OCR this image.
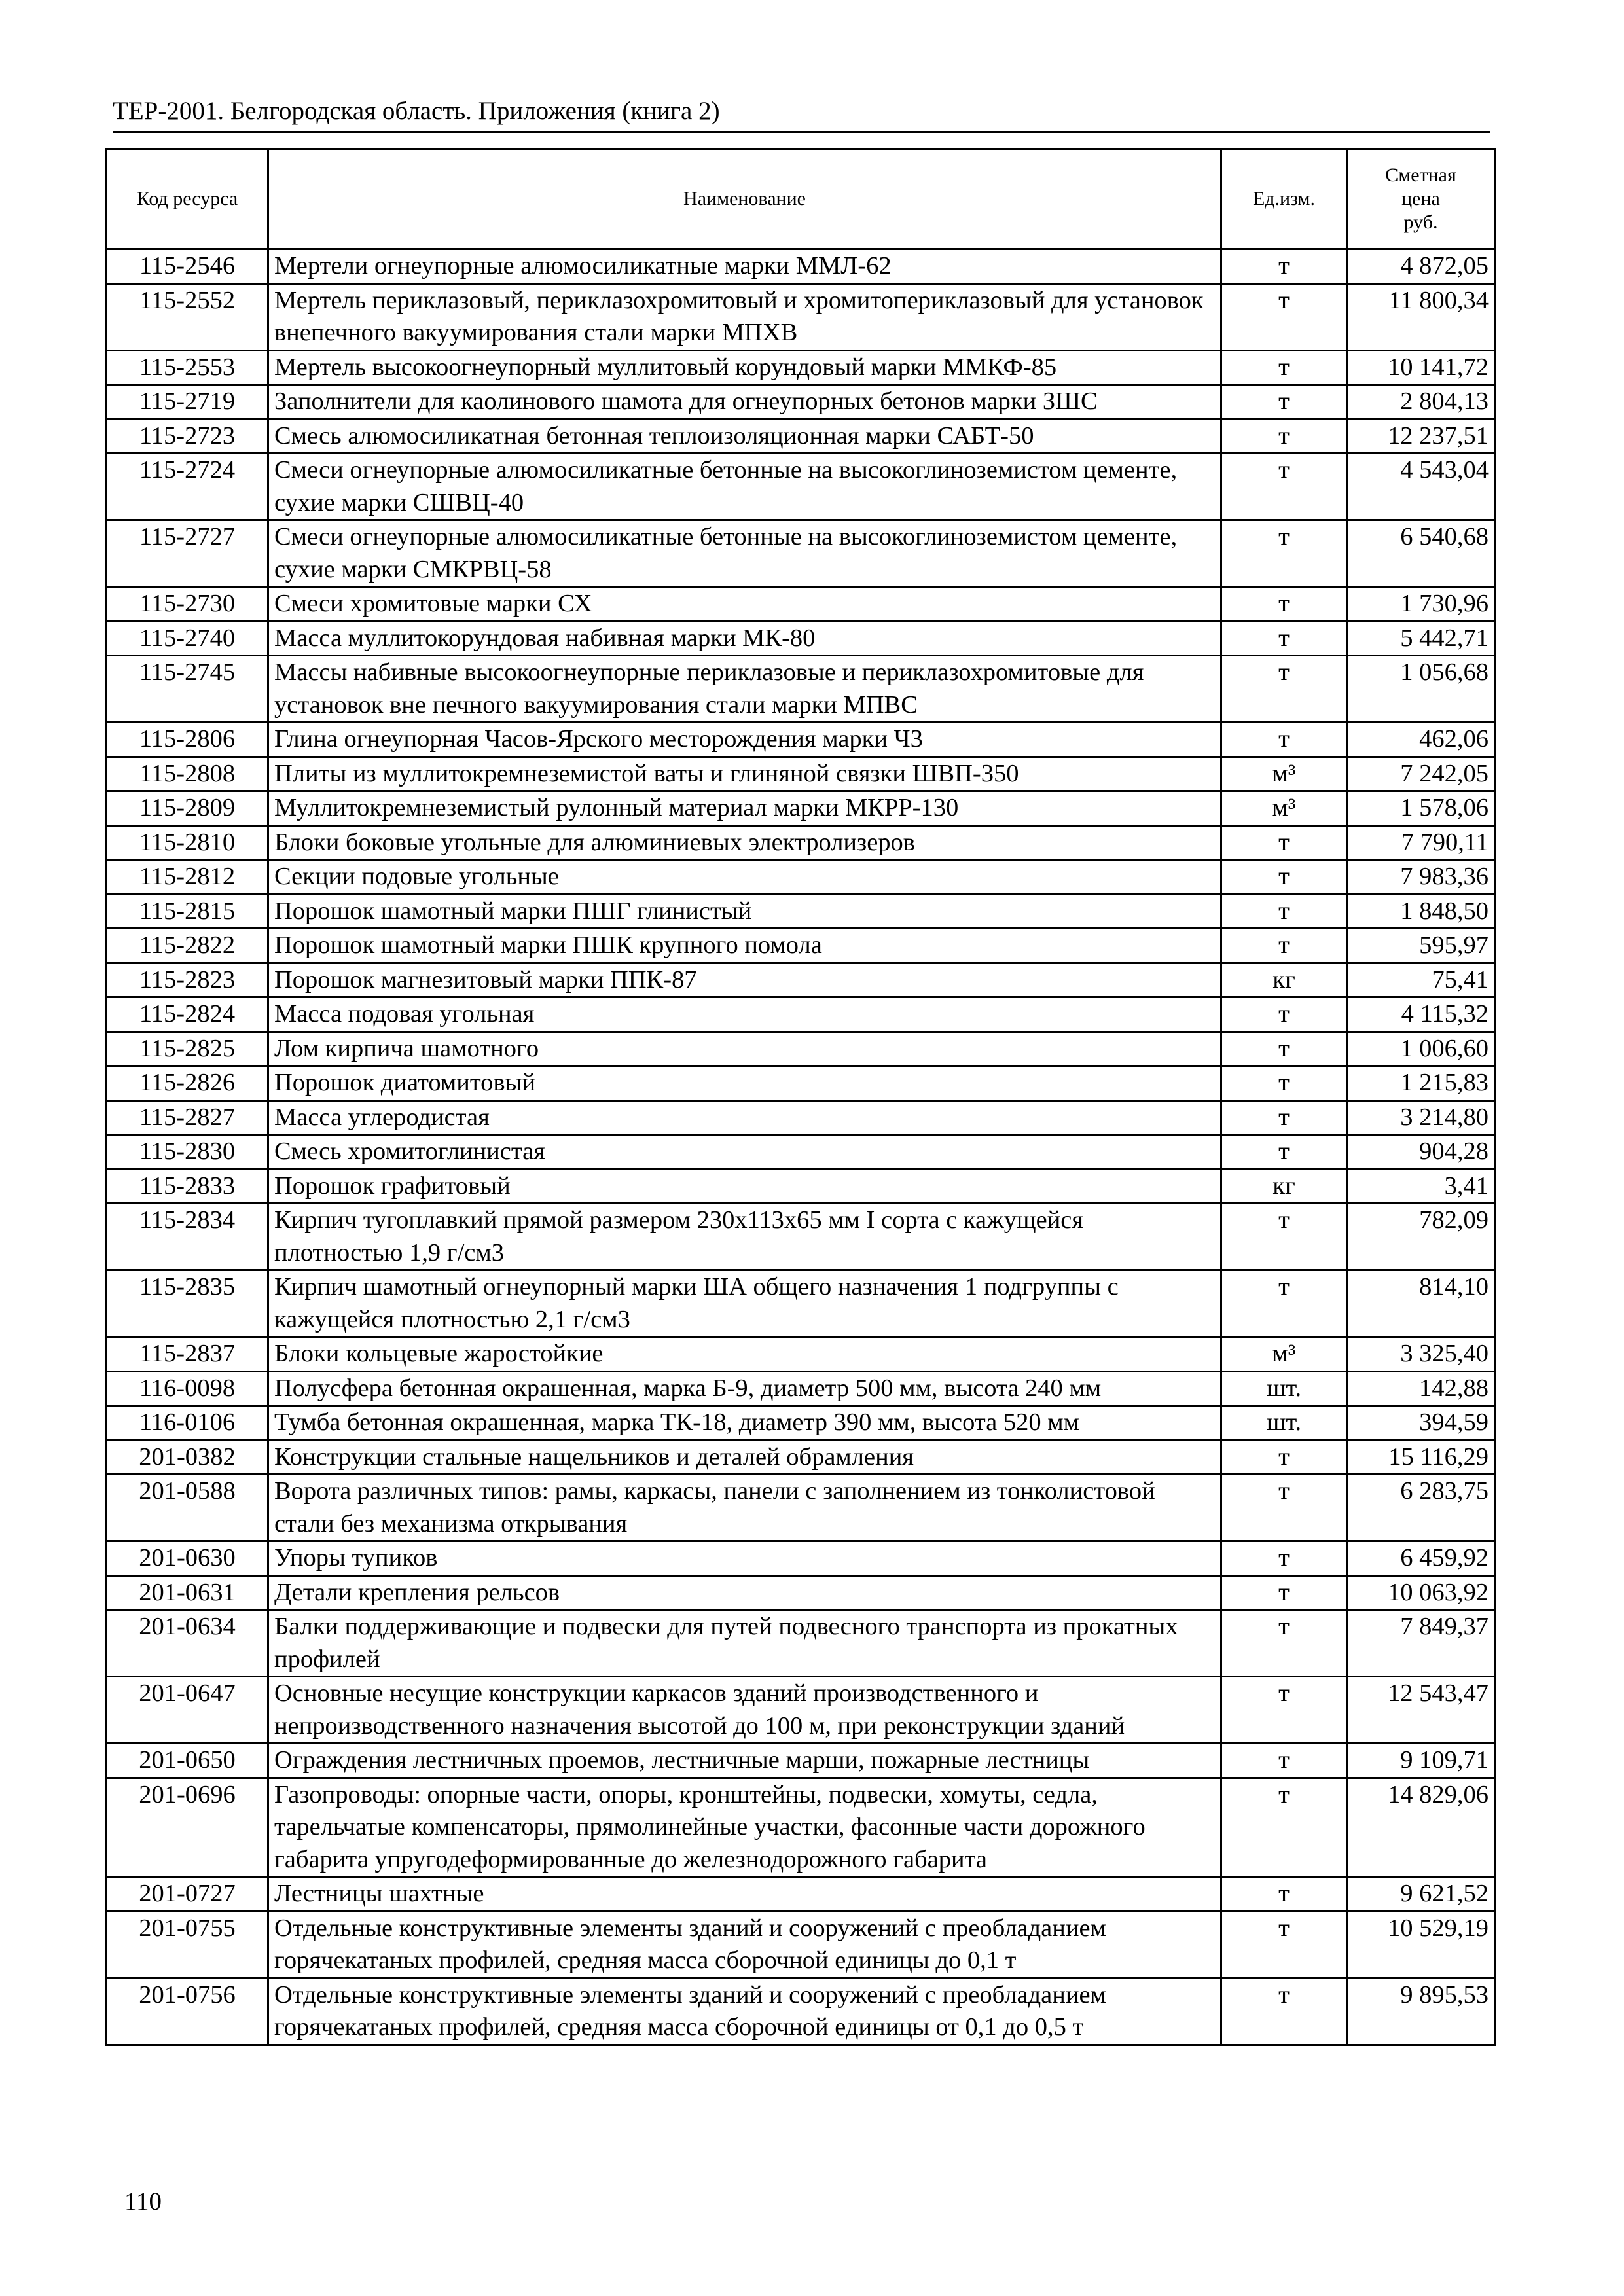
ТЕР-2001. Белгородская область. Приложения (книга 2)
Код ресурса	Наименование	Ед.изм.	Сметная
цена
руб.

115-2546	Мертели огнеупорные алюмосиликатные марки ММЛ-62	т	4 872,05
115-2552	Мертель периклазовый, периклазохромитовый и хромитопериклазовый для установок внепечного вакуумирования стали марки МПХВ	т	11 800,34
115-2553	Мертель высокоогнеупорный муллитовый корундовый марки ММКФ-85	т	10 141,72
115-2719	Заполнители для каолинового шамота для огнеупорных бетонов марки ЗШС	т	2 804,13
115-2723	Смесь алюмосиликатная бетонная теплоизоляционная марки САБТ-50	т	12 237,51
115-2724	Смеси огнеупорные алюмосиликатные бетонные на высокоглиноземистом цементе, сухие марки СШВЦ-40	т	4 543,04
115-2727	Смеси огнеупорные алюмосиликатные бетонные на высокоглиноземистом цементе, сухие марки СМКРВЦ-58	т	6 540,68
115-2730	Смеси хромитовые марки СХ	т	1 730,96
115-2740	Масса муллитокорундовая набивная марки МК-80	т	5 442,71
115-2745	Массы набивные высокоогнеупорные периклазовые и периклазохромитовые для установок вне печного вакуумирования стали марки МПВС	т	1 056,68
115-2806	Глина огнеупорная Часов-Ярского месторождения марки Ч3	т	462,06
115-2808	Плиты из муллитокремнеземистой ваты и глиняной связки ШВП-350	м³	7 242,05
115-2809	Муллитокремнеземистый рулонный материал марки МКРР-130	м³	1 578,06
115-2810	Блоки боковые угольные для алюминиевых электролизеров	т	7 790,11
115-2812	Секции подовые угольные	т	7 983,36
115-2815	Порошок шамотный марки ПШГ глинистый	т	1 848,50
115-2822	Порошок шамотный марки ПШК крупного помола	т	595,97
115-2823	Порошок магнезитовый марки ППК-87	кг	75,41
115-2824	Масса подовая угольная	т	4 115,32
115-2825	Лом кирпича шамотного	т	1 006,60
115-2826	Порошок диатомитовый	т	1 215,83
115-2827	Масса углеродистая	т	3 214,80
115-2830	Смесь хромитоглинистая	т	904,28
115-2833	Порошок графитовый	кг	3,41
115-2834	Кирпич тугоплавкий прямой размером 230х113х65 мм I сорта с кажущейся плотностью 1,9 г/см3	т	782,09
115-2835	Кирпич шамотный огнеупорный марки ША общего назначения 1 подгруппы с кажущейся плотностью 2,1 г/см3	т	814,10
115-2837	Блоки кольцевые жаростойкие	м³	3 325,40
116-0098	Полусфера бетонная окрашенная, марка Б-9, диаметр 500 мм, высота 240 мм	шт.	142,88
116-0106	Тумба бетонная окрашенная, марка ТК-18, диаметр 390 мм, высота 520 мм	шт.	394,59
201-0382	Конструкции стальные нащельников и деталей обрамления	т	15 116,29
201-0588	Ворота различных типов: рамы, каркасы, панели с заполнением из тонколистовой стали без механизма открывания	т	6 283,75
201-0630	Упоры тупиков	т	6 459,92
201-0631	Детали крепления рельсов	т	10 063,92
201-0634	Балки поддерживающие и подвески для путей подвесного транспорта из прокатных профилей	т	7 849,37
201-0647	Основные несущие конструкции каркасов зданий производственного и непроизводственного назначения высотой до 100 м, при реконструкции зданий	т	12 543,47
201-0650	Ограждения лестничных проемов, лестничные марши, пожарные лестницы	т	9 109,71
201-0696	Газопроводы: опорные части, опоры, кронштейны, подвески, хомуты, седла, тарельчатые компенсаторы, прямолинейные участки, фасонные части дорожного габарита упругодеформированные до железнодорожного габарита	т	14 829,06
201-0727	Лестницы шахтные	т	9 621,52
201-0755	Отдельные конструктивные элементы зданий и сооружений с преобладанием горячекатаных профилей, средняя масса сборочной единицы до 0,1 т	т	10 529,19
201-0756	Отдельные конструктивные элементы зданий и сооружений с преобладанием горячекатаных профилей, средняя масса сборочной единицы от 0,1 до 0,5 т	т	9 895,53
110
